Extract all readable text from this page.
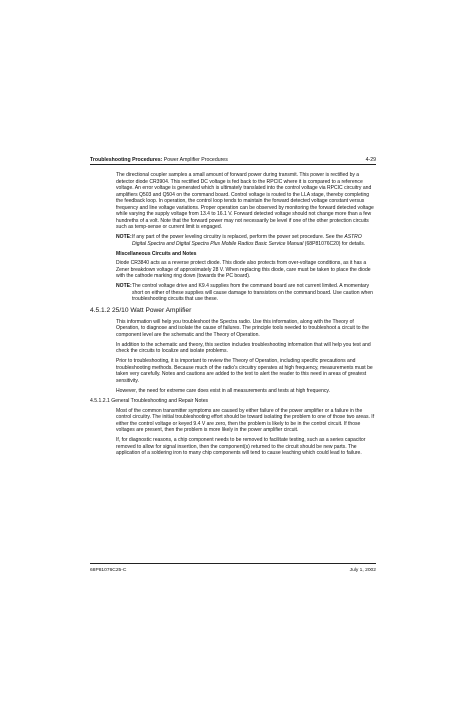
Troubleshooting Procedures: Power Amplifier Procedures	4-29

The directional coupler samples a small amount of forward power during transmit. This power is rectified by a detector diode CR3904. This rectified DC voltage is fed back to the RPCIC where it is compared to a reference voltage. An error voltage is generated which is ultimately translated into the control voltage via RPCIC circuitry and amplifiers Q503 and Q504 on the command board. Control voltage is routed to the LLA stage, thereby completing the feedback loop. In operation, the control loop tends to maintain the forward detected voltage constant versus frequency and line voltage variations. Proper operation can be observed by monitoring the forward detected voltage while varying the supply voltage from 13.4 to 16.1 V. Forward detected voltage should not change more than a few hundreths of a volt. Note that the forward power may not necessarily be level if one of the other protection circuits such as temp-sense or current limit is engaged.

NOTE: If any part of the power leveling circuitry is replaced, perform the power set procedure. See the ASTRO Digital Spectra and Digital Spectra Plus Mobile Radios Basic Service Manual (68P81076C20) for details.
Miscellaneous Circuits and Notes

Diode CR3840 acts as a reverse protect diode. This diode also protects from over-voltage conditions, as it has a Zener breakdown voltage of approximately 28 V. When replacing this diode, care must be taken to place the diode with the cathode marking ring down (towards the PC board).

NOTE: The control voltage drive and K9.4 supplies from the command board are not current limited. A momentary short on either of these supplies will cause damage to transistors on the command board. Use caution when troubleshooting circuits that use these.
4.5.1.2 25/10 Watt Power Amplifier

This information will help you troubleshoot the Spectra radio. Use this information, along with the Theory of Operation, to diagnose and isolate the cause of failures. The principle tools needed to troubleshoot a circuit to the component level are the schematic and the Theory of Operation.

In addition to the schematic and theory, this section includes troubleshooting information that will help you test and check the circuits to localize and isolate problems.

Prior to troubleshooting, it is important to review the Theory of Operation, including specific precautions and troubleshooting methods. Because much of the radio's circuitry operates at high frequency, measurements must be taken very carefully. Notes and cautions are added to the text to alert the reader to this need in areas of greatest sensitivity.

However, the need for extreme care does exist in all measurements and tests at high frequency.

4.5.1.2.1 General Troubleshooting and Repair Notes

Most of the common transmitter symptoms are caused by either failure of the power amplifier or a failure in the control circuitry. The initial troubleshooting effort should be toward isolating the problem to one of those two areas. If either the control voltage or keyed 9.4 V are zero, then the problem is likely to be in the control circuit. If those voltages are present, then the problem is more likely in the power amplifier circuit.

If, for diagnostic reasons, a chip component needs to be removed to facilitate testing, such as a series capacitor removed to allow for signal insertion, then the component(s) returned to the circuit should be new parts. The application of a soldering iron to many chip components will tend to cause leaching which could lead to failure.

68P81076C25-C	July 1, 2002
